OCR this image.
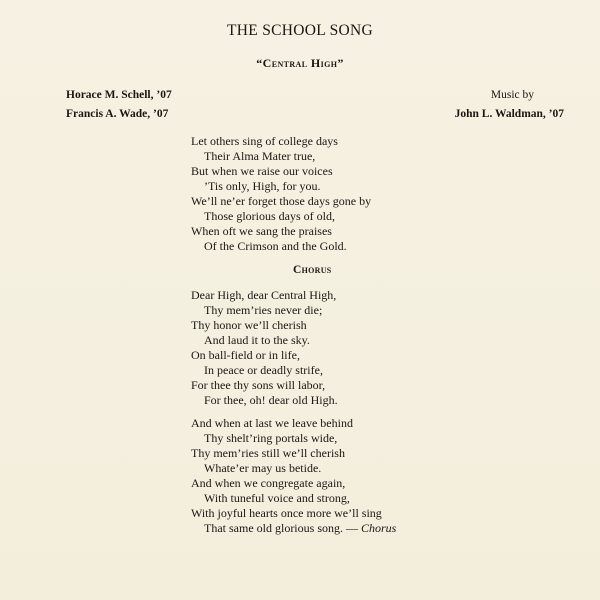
THE SCHOOL SONG
“Central High”
Horace M. Schell, ’07
Francis A. Wade, ’07
Music by
John L. Waldman, ’07
Let others sing of college days
Their Alma Mater true,
But when we raise our voices
’Tis only, High, for you.
We’ll ne’er forget those days gone by
Those glorious days of old,
When oft we sang the praises
Of the Crimson and the Gold.
Chorus
Dear High, dear Central High,
Thy mem’ries never die;
Thy honor we’ll cherish
And laud it to the sky.
On ball-field or in life,
In peace or deadly strife,
For thee thy sons will labor,
For thee, oh! dear old High.
And when at last we leave behind
Thy shelt’ring portals wide,
Thy mem’ries still we’ll cherish
Whate’er may us betide.
And when we congregate again,
With tuneful voice and strong,
With joyful hearts once more we’ll sing
That same old glorious song. — Chorus
